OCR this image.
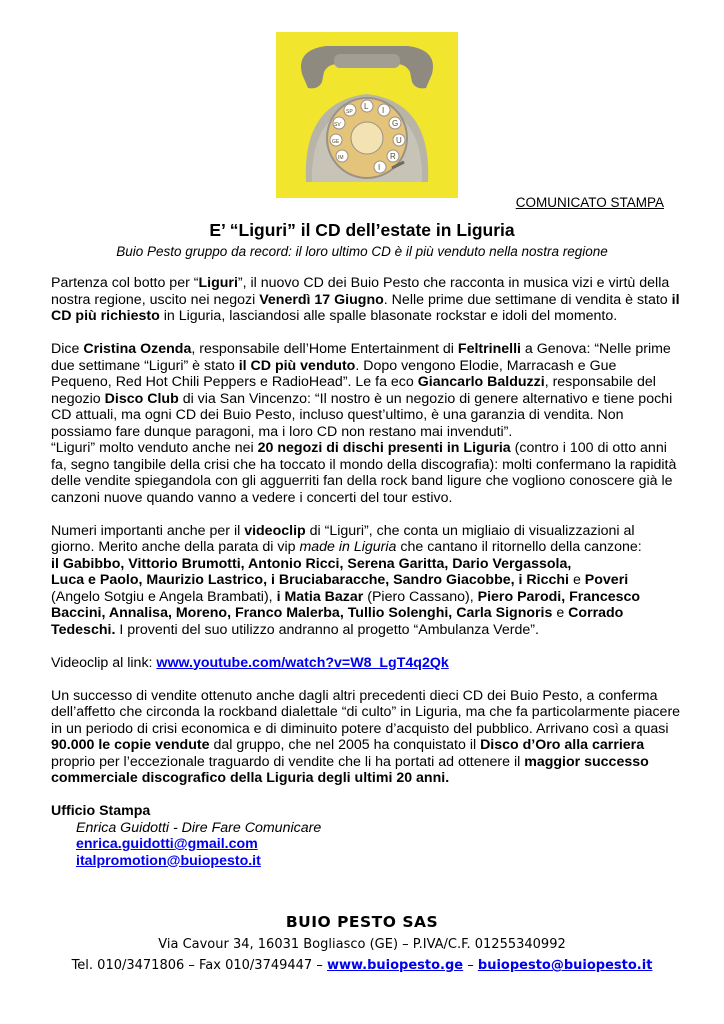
L I
G
U
R
I
SP
SV
GE
IM
COMUNICATO STAMPA
E’ “Liguri” il CD dell’estate in Liguria
Buio Pesto gruppo da record: il loro ultimo CD è il più venduto nella nostra regione

Partenza col botto per “Liguri”, il nuovo CD dei Buio Pesto che racconta in musica vizi e virtù della nostra regione, uscito nei negozi Venerdì 17 Giugno. Nelle prime due settimane di vendita è stato il CD più richiesto in Liguria, lasciandosi alle spalle blasonate rockstar e idoli del momento.

Dice Cristina Ozenda, responsabile dell’Home Entertainment di Feltrinelli a Genova: “Nelle prime due settimane “Liguri” è stato il CD più venduto. Dopo vengono Elodie, Marracash e Gue Pequeno, Red Hot Chili Peppers e RadioHead”. Le fa eco Giancarlo Balduzzi, responsabile del negozio Disco Club di via San Vincenzo: “Il nostro è un negozio di genere alternativo e tiene pochi CD attuali, ma ogni CD dei Buio Pesto, incluso quest’ultimo, è una garanzia di vendita. Non possiamo fare dunque paragoni, ma i loro CD non restano mai invenduti”.

“Liguri” molto venduto anche nei 20 negozi di dischi presenti in Liguria (contro i 100 di otto anni fa, segno tangibile della crisi che ha toccato il mondo della discografia): molti confermano la rapidità delle vendite spiegandola con gli agguerriti fan della rock band ligure che vogliono conoscere già le canzoni nuove quando vanno a vedere i concerti del tour estivo.

Numeri importanti anche per il videoclip di “Liguri”, che conta un migliaio di visualizzazioni al giorno. Merito anche della parata di vip made in Liguria che cantano il ritornello della canzone:
il Gabibbo, Vittorio Brumotti, Antonio Ricci, Serena Garitta, Dario Vergassola,
Luca e Paolo, Maurizio Lastrico, i Bruciabaracche, Sandro Giacobbe, i Ricchi e Poveri
(Angelo Sotgiu e Angela Brambati), i Matia Bazar (Piero Cassano), Piero Parodi, Francesco Baccini, Annalisa, Moreno, Franco Malerba, Tullio Solenghi, Carla Signoris e Corrado Tedeschi. I proventi del suo utilizzo andranno al progetto “Ambulanza Verde”.

Videoclip al link: www.youtube.com/watch?v=W8_LgT4q2Qk

Un successo di vendite ottenuto anche dagli altri precedenti dieci CD dei Buio Pesto, a conferma dell’affetto che circonda la rockband dialettale “di culto” in Liguria, ma che fa particolarmente piacere in un periodo di crisi economica e di diminuito potere d’acquisto del pubblico. Arrivano così a quasi 90.000 le copie vendute dal gruppo, che nel 2005 ha conquistato il Disco d’Oro alla carriera proprio per l’eccezionale traguardo di vendite che li ha portati ad ottenere il maggior successo commerciale discografico della Liguria degli ultimi 20 anni.

Ufficio Stampa
Enrica Guidotti - Dire Fare Comunicare
enrica.guidotti@gmail.com
italpromotion@buiopesto.it
BUIO PESTO SAS
Via Cavour 34, 16031 Bogliasco (GE) – P.IVA/C.F. 01255340992
Tel. 010/3471806 – Fax 010/3749447 – www.buiopesto.ge – buiopesto@buiopesto.it
